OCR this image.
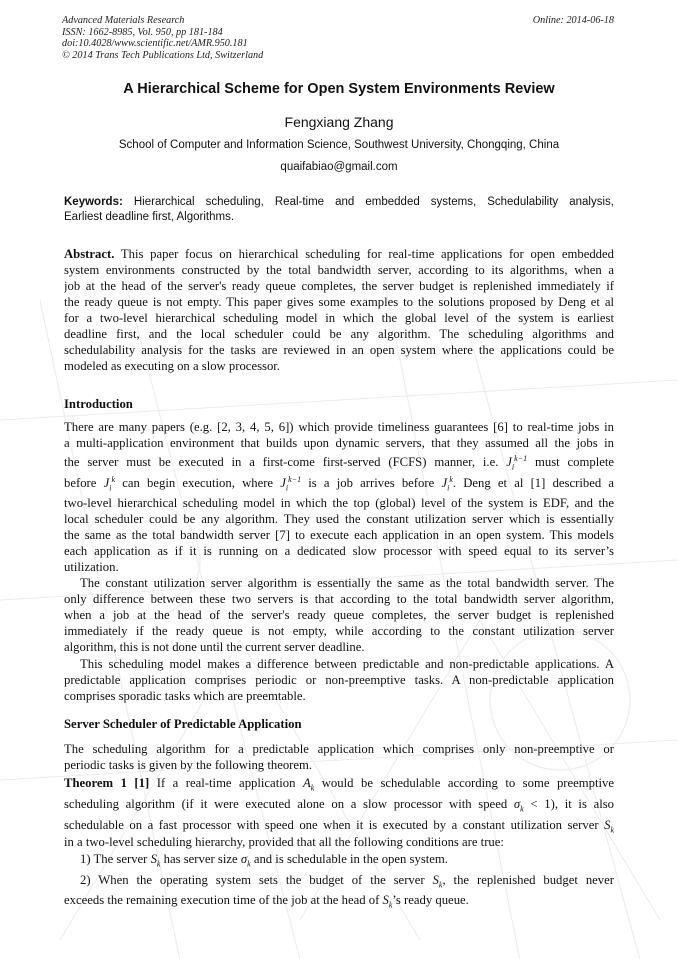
Advanced Materials Research
ISSN: 1662-8985, Vol. 950, pp 181-184
doi:10.4028/www.scientific.net/AMR.950.181
© 2014 Trans Tech Publications Ltd, Switzerland
Online: 2014-06-18
A Hierarchical Scheme for Open System Environments Review
Fengxiang Zhang
School of Computer and Information Science, Southwest University, Chongqing, China
quaifabiao@gmail.com
Keywords: Hierarchical scheduling, Real-time and embedded systems, Schedulability analysis,
Earliest deadline first, Algorithms.
Abstract. This paper focus on hierarchical scheduling for real-time applications for open embedded
system environments constructed by the total bandwidth server, according to its algorithms, when a
job at the head of the server's ready queue completes, the server budget is replenished immediately if
the ready queue is not empty. This paper gives some examples to the solutions proposed by Deng et al
for a two-level hierarchical scheduling model in which the global level of the system is earliest
deadline first, and the local scheduler could be any algorithm. The scheduling algorithms and
schedulability analysis for the tasks are reviewed in an open system where the applications could be
modeled as executing on a slow processor.
Introduction
There are many papers (e.g. [2, 3, 4, 5, 6]) which provide timeliness guarantees [6] to real-time jobs in
a multi-application environment that builds upon dynamic servers, that they assumed all the jobs in
the server must be executed in a first-come first-served (FCFS) manner, i.e. $J_i^{k-1}$ must complete
before $J_i^k$ can begin execution, where $J_i^{k-1}$ is a job arrives before $J_i^k$. Deng et al [1] described a
two-level hierarchical scheduling model in which the top (global) level of the system is EDF, and the
local scheduler could be any algorithm. They used the constant utilization server which is essentially
the same as the total bandwidth server [7] to execute each application in an open system. This models
each application as if it is running on a dedicated slow processor with speed equal to its server’s
utilization.
The constant utilization server algorithm is essentially the same as the total bandwidth server. The
only difference between these two servers is that according to the total bandwidth server algorithm,
when a job at the head of the server's ready queue completes, the server budget is replenished
immediately if the ready queue is not empty, while according to the constant utilization server
algorithm, this is not done until the current server deadline.
This scheduling model makes a difference between predictable and non-predictable applications. A
predictable application comprises periodic or non-preemptive tasks. A non-predictable application
comprises sporadic tasks which are preemtable.
Server Scheduler of Predictable Application
The scheduling algorithm for a predictable application which comprises only non-preemptive or
periodic tasks is given by the following theorem.
Theorem 1 [1] If a real-time application $A_k$ would be schedulable according to some preemptive
scheduling algorithm (if it were executed alone on a slow processor with speed $\sigma_k < 1$), it is also
schedulable on a fast processor with speed one when it is executed by a constant utilization server $S_k$
in a two-level scheduling hierarchy, provided that all the following conditions are true:
1) The server $S_k$ has server size $\sigma_k$ and is schedulable in the open system.
2) When the operating system sets the budget of the server $S_k$, the replenished budget never
exceeds the remaining execution time of the job at the head of $S_k’s$ ready queue.
